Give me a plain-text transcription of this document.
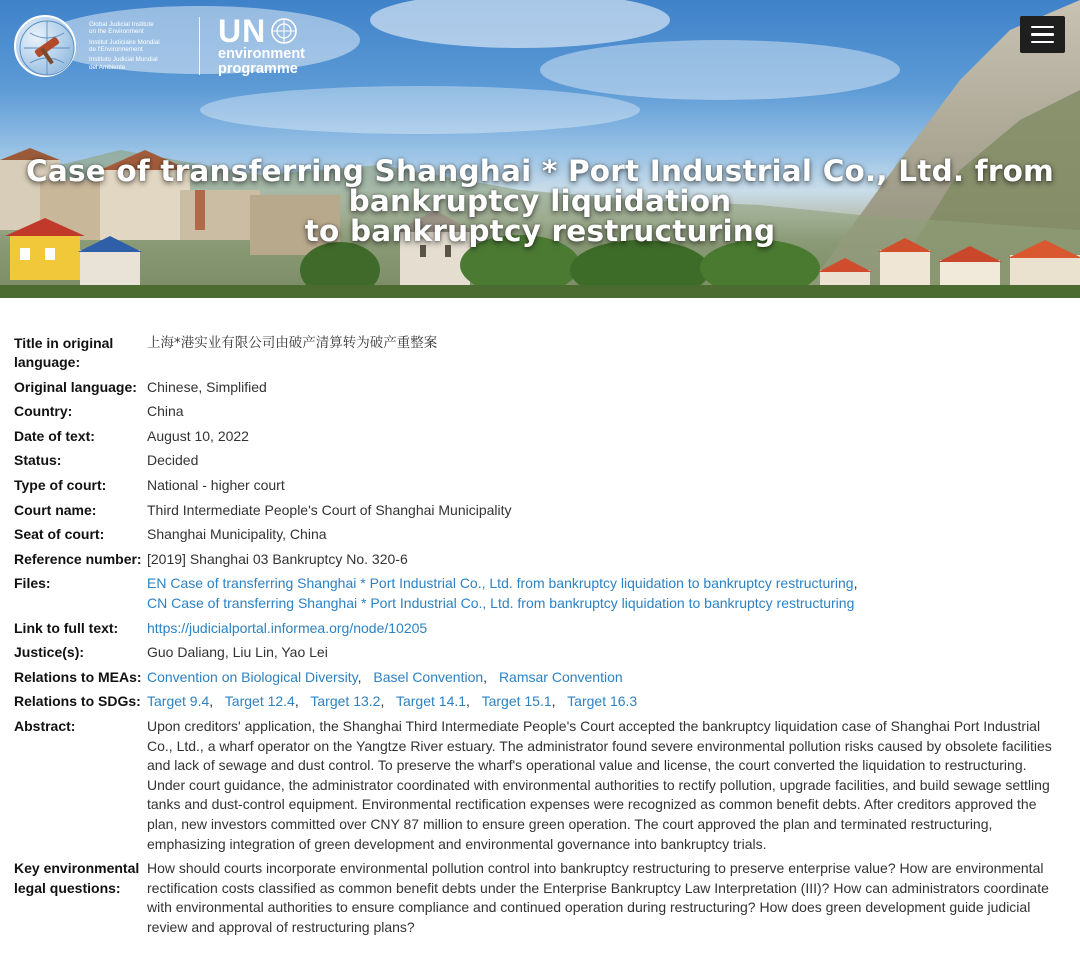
Global Judicial Institute
on the Environment
Institut Judiciaire Mondial
de l'Environnement
Instituto Judicial Mundial
del Ambiente
UN
environment
programme
Case of transferring Shanghai * Port Industrial Co., Ltd. from bankruptcy liquidation
to bankruptcy restructuring
Title in original language:
上海*港实业有限公司由破产清算转为破产重整案
Original language: Chinese, Simplified
Country:	China
Date of text:	August 10, 2022
Status:	Decided
Type of court:	National - higher court
Court name:	Third Intermediate People's Court of Shanghai Municipality
Seat of court:	Shanghai Municipality, China
Reference number: [2019] Shanghai 03 Bankruptcy No. 320-6
Files:	EN Case of transferring Shanghai * Port Industrial Co., Ltd. from bankruptcy liquidation to bankruptcy restructuring,
CN Case of transferring Shanghai * Port Industrial Co., Ltd. from bankruptcy liquidation to bankruptcy restructuring
Link to full text:	https://judicialportal.informea.org/node/10205
Justice(s):	Guo Daliang, Liu Lin, Yao Lei
Relations to MEAs: Convention on Biological Diversity, Basel Convention, Ramsar Convention
Relations to SDGs: Target 9.4, Target 12.4, Target 13.2, Target 14.1, Target 15.1, Target 16.3
Abstract:	Upon creditors' application, the Shanghai Third Intermediate People's Court accepted the bankruptcy liquidation case of Shanghai Port Industrial Co., Ltd., a wharf operator on the Yangtze River estuary. The administrator found severe environmental pollution risks caused by obsolete facilities and lack of sewage and dust control. To preserve the wharf's operational value and license, the court converted the liquidation to restructuring. Under court guidance, the administrator coordinated with environmental authorities to rectify pollution, upgrade facilities, and build sewage settling tanks and dust-control equipment. Environmental rectification expenses were recognized as common benefit debts. After creditors approved the plan, new investors committed over CNY 87 million to ensure green operation. The court approved the plan and terminated restructuring, emphasizing integration of green development and environmental governance into bankruptcy trials.
Key environmental legal questions:
How should courts incorporate environmental pollution control into bankruptcy restructuring to preserve enterprise value? How are environmental rectification costs classified as common benefit debts under the Enterprise Bankruptcy Law Interpretation (III)? How can administrators coordinate with environmental authorities to ensure compliance and continued operation during restructuring? How does green development guide judicial review and approval of restructuring plans?
